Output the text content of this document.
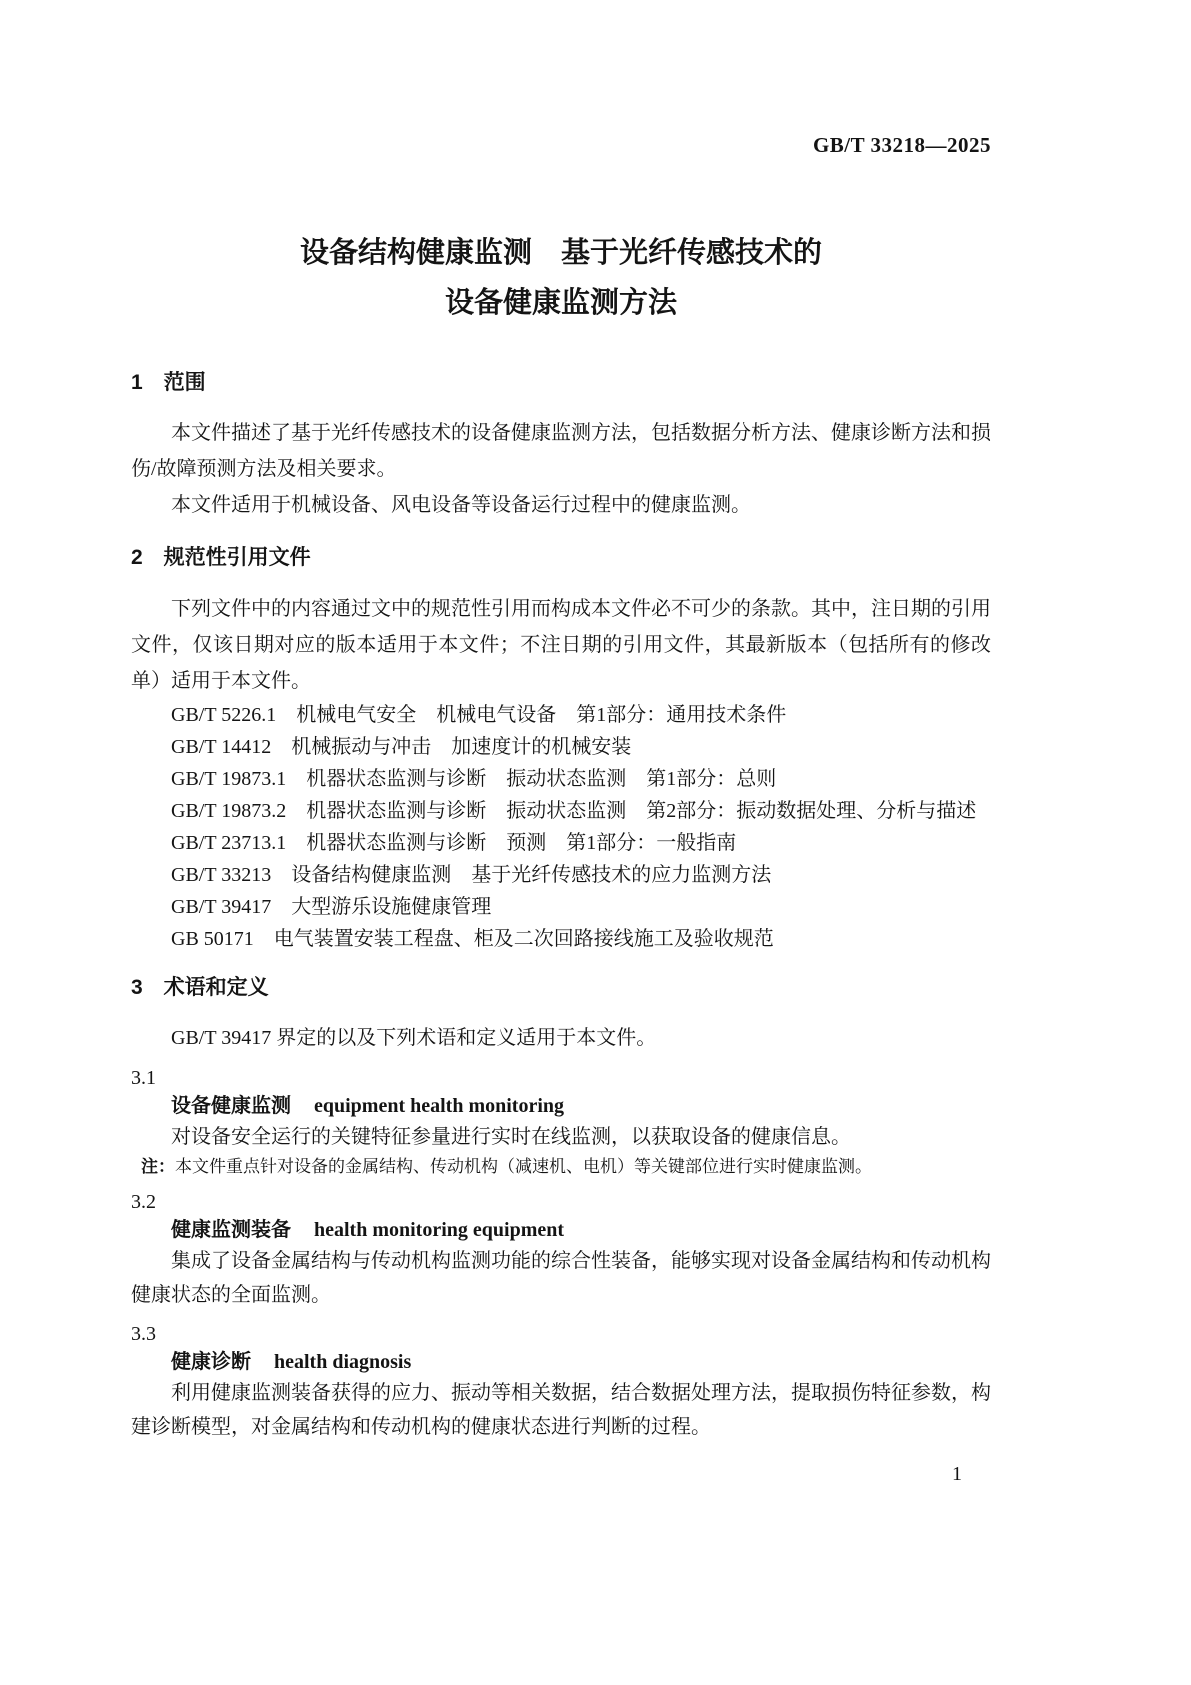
GB/T 33218—2025
设备结构健康监测　基于光纤传感技术的
设备健康监测方法
1　范围

本文件描述了基于光纤传感技术的设备健康监测方法，包括数据分析方法、健康诊断方法和损伤/故障预测方法及相关要求。

本文件适用于机械设备、风电设备等设备运行过程中的健康监测。

2　规范性引用文件

下列文件中的内容通过文中的规范性引用而构成本文件必不可少的条款。其中，注日期的引用文件，仅该日期对应的版本适用于本文件；不注日期的引用文件，其最新版本（包括所有的修改单）适用于本文件。

GB/T 5226.1　机械电气安全　机械电气设备　第1部分：通用技术条件
GB/T 14412　机械振动与冲击　加速度计的机械安装
GB/T 19873.1　机器状态监测与诊断　振动状态监测　第1部分：总则
GB/T 19873.2　机器状态监测与诊断　振动状态监测　第2部分：振动数据处理、分析与描述
GB/T 23713.1　机器状态监测与诊断　预测　第1部分：一般指南
GB/T 33213　设备结构健康监测　基于光纤传感技术的应力监测方法
GB/T 39417　大型游乐设施健康管理
GB 50171　电气装置安装工程盘、柜及二次回路接线施工及验收规范
3　术语和定义

GB/T 39417 界定的以及下列术语和定义适用于本文件。

3.1
设备健康监测 equipment health monitoring

对设备安全运行的关键特征参量进行实时在线监测，以获取设备的健康信息。

注：本文件重点针对设备的金属结构、传动机构（减速机、电机）等关键部位进行实时健康监测。

3.2
健康监测装备 health monitoring equipment

集成了设备金属结构与传动机构监测功能的综合性装备，能够实现对设备金属结构和传动机构健康状态的全面监测。

3.3
健康诊断 health diagnosis

利用健康监测装备获得的应力、振动等相关数据，结合数据处理方法，提取损伤特征参数，构建诊断模型，对金属结构和传动机构的健康状态进行判断的过程。

1
